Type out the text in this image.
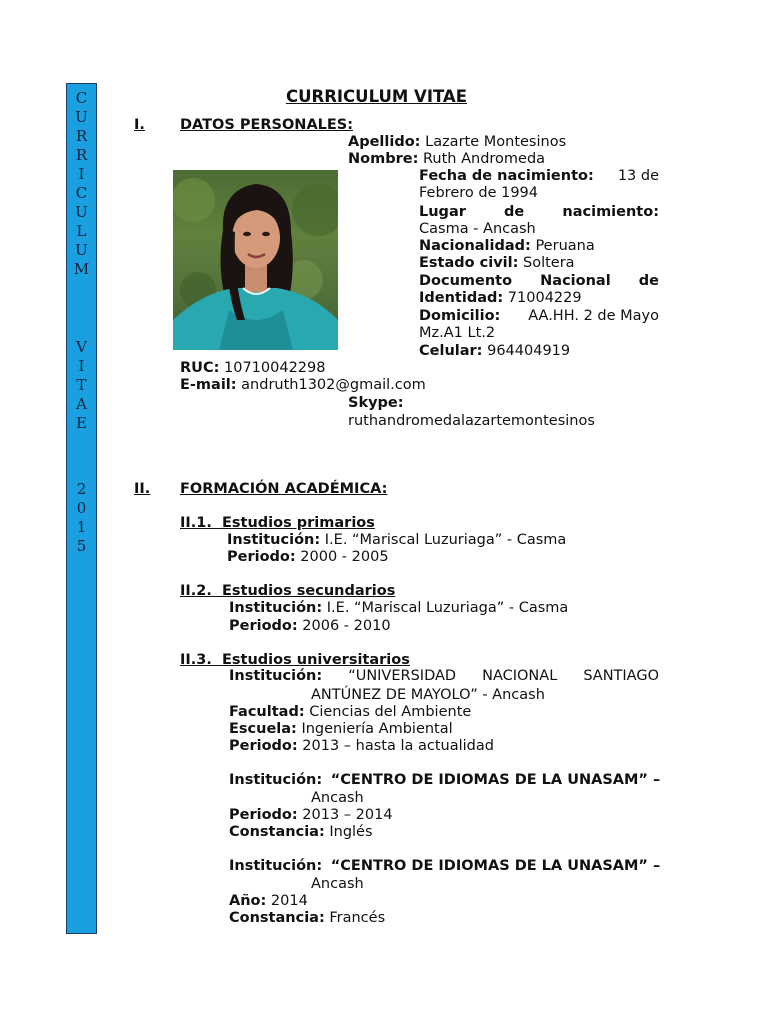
C
U
R
R
I
C
U
L
U
M
V
I
T
A
E
2
0
1
5
CURRICULUM VITAE
I. DATOS PERSONALES:
Apellido: Lazarte Montesinos
Nombre: Ruth Andromeda
Fecha de nacimiento: 13 de
Febrero de 1994
Lugar	de	nacimiento:
Casma - Ancash
Nacionalidad: Peruana
Estado civil: Soltera
Documento Nacional de
Identidad: 71004229
Domicilio: AA.HH. 2 de Mayo
Mz.A1 Lt.2
Celular: 964404919
RUC: 10710042298
E-mail: andruth1302@gmail.com
Skype:
ruthandromedalazartemontesinos
II. FORMACIÓN ACADÉMICA:
II.1.  Estudios primarios
Institución: I.E. “Mariscal Luzuriaga” - Casma
Periodo: 2000 - 2005
II.2.  Estudios secundarios
Institución: I.E. “Mariscal Luzuriaga” - Casma
Periodo: 2006 - 2010
II.3.  Estudios universitarios
Institución: “UNIVERSIDAD NACIONAL SANTIAGO
ANTÚNEZ DE MAYOLO” - Ancash
Facultad: Ciencias del Ambiente
Escuela: Ingeniería Ambiental
Periodo: 2013 – hasta la actualidad
Institución: “CENTRO DE IDIOMAS DE LA UNASAM” –
Ancash
Periodo: 2013 – 2014
Constancia: Inglés
Institución: “CENTRO DE IDIOMAS DE LA UNASAM” –
Ancash
Año: 2014
Constancia: Francés
